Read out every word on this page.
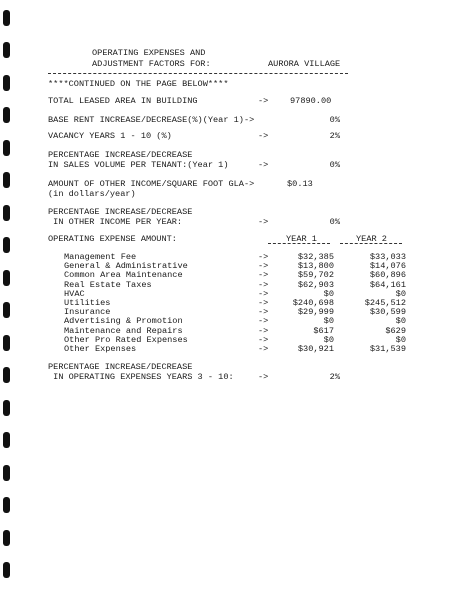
OPERATING EXPENSES AND
ADJUSTMENT FACTORS FOR:	AURORA VILLAGE
****CONTINUED ON THE PAGE BELOW****
TOTAL LEASED AREA IN BUILDING	->	97890.00
BASE RENT INCREASE/DECREASE(%)(Year 1)->	0%
VACANCY YEARS 1 - 10 (%)	->	2%
PERCENTAGE INCREASE/DECREASE
IN SALES VOLUME PER TENANT:(Year 1)	->	0%
AMOUNT OF OTHER INCOME/SQUARE FOOT GLA->	$0.13
(in dollars/year)
PERCENTAGE INCREASE/DECREASE
IN OTHER INCOME PER YEAR:	->	0%
OPERATING EXPENSE AMOUNT:	YEAR 1	YEAR 2
Management Fee	->	$32,385	$33,033
General & Administrative	->	$13,800	$14,076
Common Area Maintenance	->	$59,702	$60,896
Real Estate Taxes	->	$62,903	$64,161
HVAC	->	$0	$0
Utilities	->	$240,698	$245,512
Insurance	->	$29,999	$30,599
Advertising & Promotion	->	$0	$0
Maintenance and Repairs	->	$617	$629
Other Pro Rated Expenses	->	$0	$0
Other Expenses	->	$30,921	$31,539
PERCENTAGE INCREASE/DECREASE
IN OPERATING EXPENSES YEARS 3 - 10:	->	2%
